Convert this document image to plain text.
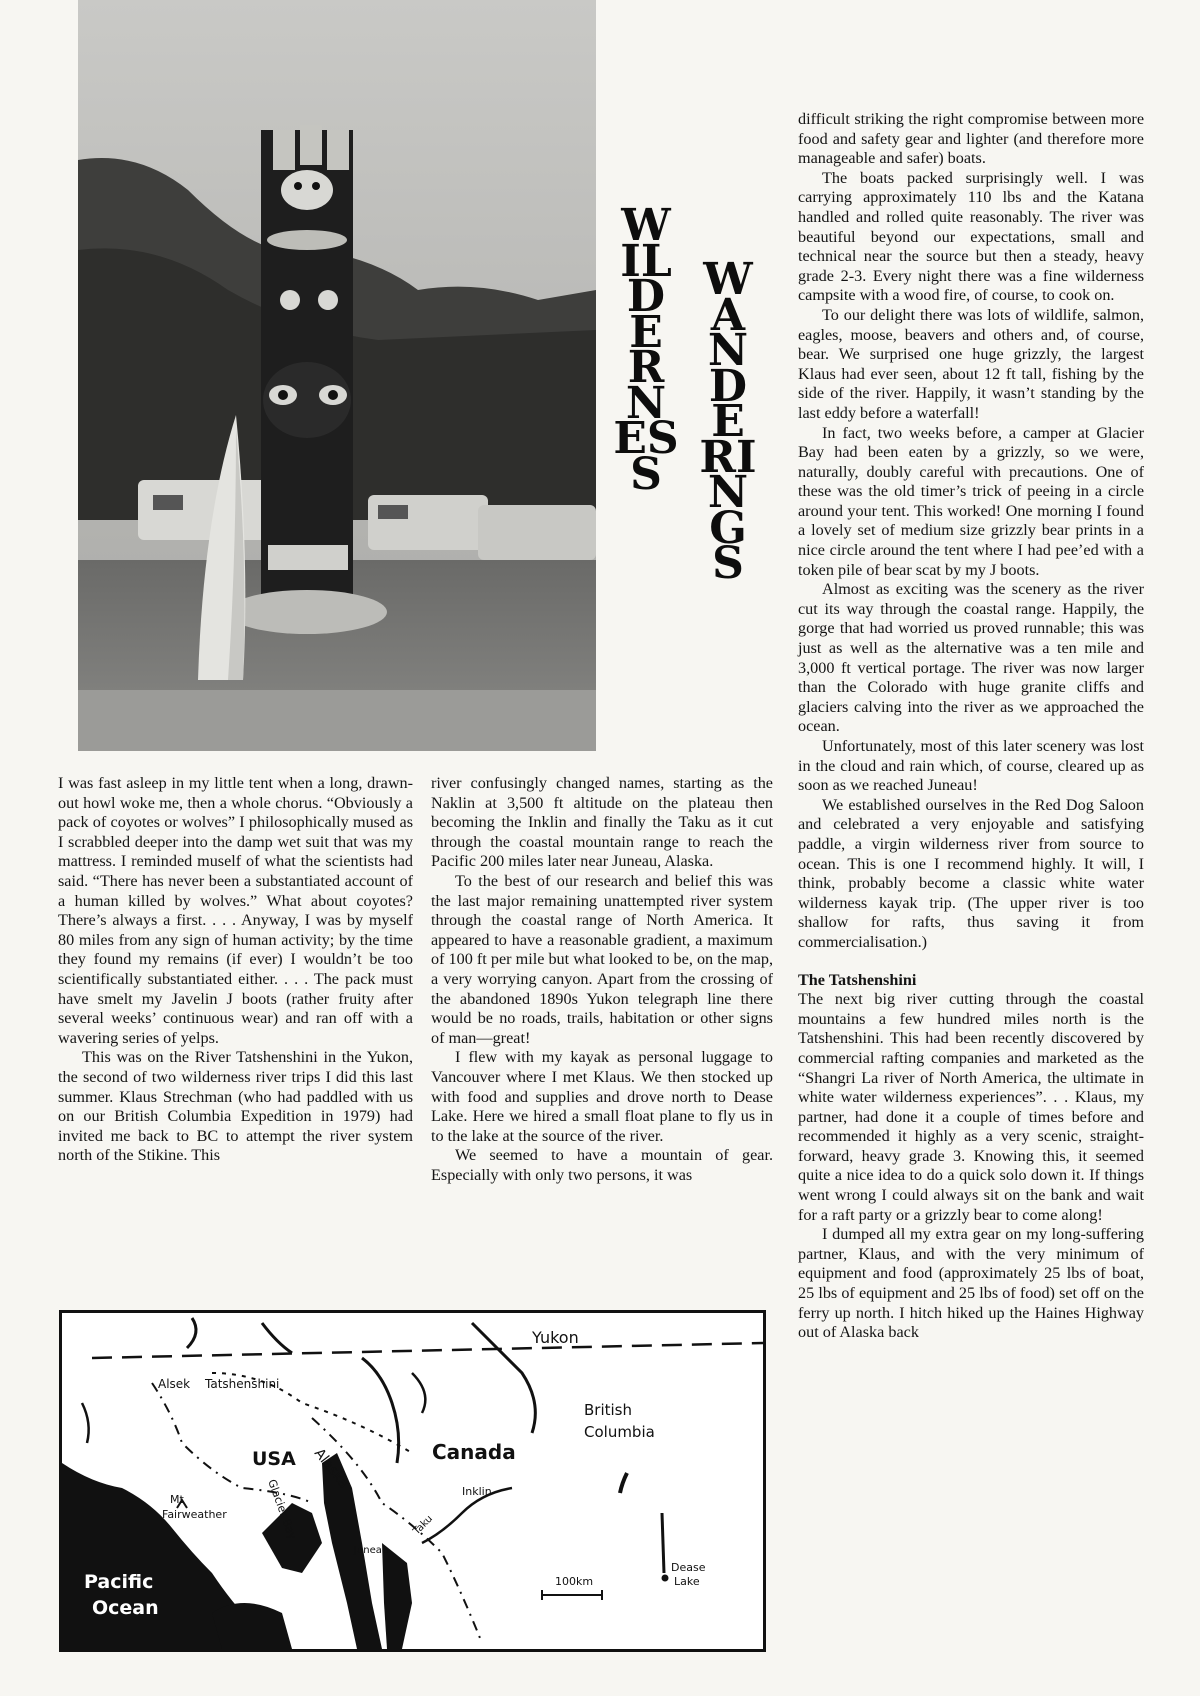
WILDERNESS
WANDERINGS

I was fast asleep in my little tent when a long, drawn-out howl woke me, then a whole chorus. “Obviously a pack of coyotes or wolves” I philosophically mused as I scrabbled deeper into the damp wet suit that was my mattress. I reminded muself of what the scientists had said. “There has never been a substantiated account of a human killed by wolves.” What about coyotes? There’s always a first. . . . Anyway, I was by myself 80 miles from any sign of human activity; by the time they found my remains (if ever) I wouldn’t be too scientifically substantiated either. . . . The pack must have smelt my Javelin J boots (rather fruity after several weeks’ continuous wear) and ran off with a wavering series of yelps.

This was on the River Tatshenshini in the Yukon, the second of two wilderness river trips I did this last summer. Klaus Strechman (who had paddled with us on our British Columbia Expedition in 1979) had invited me back to BC to attempt the river system north of the Stikine. This

river confusingly changed names, starting as the Naklin at 3,500 ft altitude on the plateau then becoming the Inklin and finally the Taku as it cut through the coastal mountain range to reach the Pacific 200 miles later near Juneau, Alaska.

To the best of our research and belief this was the last major remaining unattempted river system through the coastal range of North America. It appeared to have a reasonable gradient, a maximum of 100 ft per mile but what looked to be, on the map, a very worrying canyon. Apart from the crossing of the abandoned 1890s Yukon telegraph line there would be no roads, trails, habitation or other signs of man—great!

I flew with my kayak as personal luggage to Vancouver where I met Klaus. We then stocked up with food and supplies and drove north to Dease Lake. Here we hired a small float plane to fly us in to the lake at the source of the river.

We seemed to have a mountain of gear. Especially with only two persons, it was

difficult striking the right compromise between more food and safety gear and lighter (and therefore more manageable and safer) boats.

The boats packed surprisingly well. I was carrying approximately 110 lbs and the Katana handled and rolled quite reasonably. The river was beautiful beyond our expectations, small and technical near the source but then a steady, heavy grade 2-3. Every night there was a fine wilderness campsite with a wood fire, of course, to cook on.

To our delight there was lots of wildlife, salmon, eagles, moose, beavers and others and, of course, bear. We surprised one huge grizzly, the largest Klaus had ever seen, about 12 ft tall, fishing by the side of the river. Happily, it wasn’t standing by the last eddy before a waterfall!

In fact, two weeks before, a camper at Glacier Bay had been eaten by a grizzly, so we were, naturally, doubly careful with precautions. One of these was the old timer’s trick of peeing in a circle around your tent. This worked! One morning I found a lovely set of medium size grizzly bear prints in a nice circle around the tent where I had pee’ed with a token pile of bear scat by my J boots.

Almost as exciting was the scenery as the river cut its way through the coastal range. Happily, the gorge that had worried us proved runnable; this was just as well as the alternative was a ten mile and 3,000 ft vertical portage. The river was now larger than the Colorado with huge granite cliffs and glaciers calving into the river as we approached the ocean.

Unfortunately, most of this later scenery was lost in the cloud and rain which, of course, cleared up as soon as we reached Juneau!

We established ourselves in the Red Dog Saloon and celebrated a very enjoyable and satisfying paddle, a virgin wilderness river from source to ocean. This is one I recommend highly. It will, I think, probably become a classic white water wilderness kayak trip. (The upper river is too shallow for rafts, thus saving it from commercialisation.)

The Tatshenshini

The next big river cutting through the coastal mountains a few hundred miles north is the Tatshenshini. This had been recently discovered by commercial rafting companies and marketed as the “Shangri La river of North America, the ultimate in white water wilderness experiences”. . . Klaus, my partner, had done it a couple of times before and recommended it highly as a very scenic, straight-forward, heavy grade 3. Knowing this, it seemed quite a nice idea to do a quick solo down it. If things went wrong I could always sit on the bank and wait for a raft party or a grizzly bear to come along!

I dumped all my extra gear on my long-suffering partner, Klaus, and with the very minimum of equipment and food (approximately 25 lbs of boat, 25 lbs of equipment and 25 lbs of food) set off on the ferry up north. I hitch hiked up the Haines Highway out of Alaska back

Yukon
Alsek Tatshenshini
British
Columbia
USA Alaska	Canada
Mt
Fairweather	Glacier Bay	Inklin
Taku
Juneau
Dease
Lake
100km
Pacific
Ocean
